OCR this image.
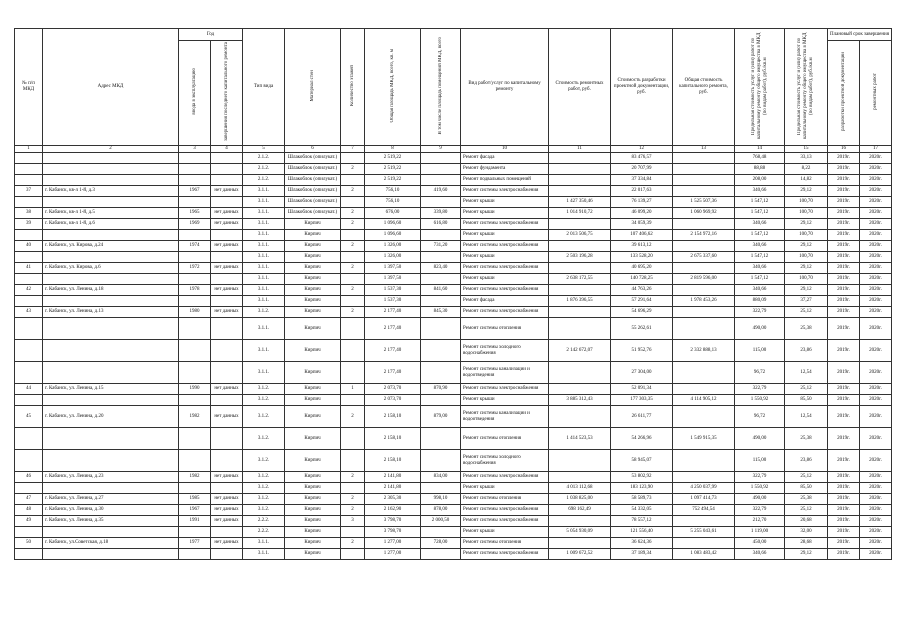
№ п/п МКД	Адрес МКД	Год		Тип вида	Материал стен	Количество этажей	Общая площадь МКД, всего, кв. м	В том числе площадь помещений МКД, всего	Вид работ/услуг по капитальному ремонту	Стоимость ремонтных работ, руб.	Стоимость разработки проектной документации, руб.	Общая стоимость капитального ремонта, руб.	Предельная стоимость услуг и (или) работ по капитальному ремонту общего имущества в МКД (по видам работ), руб./кв.м	Предельная стоимость услуг и (или) работ по капитальному ремонту общего имущества в МКД (по видам работ), руб./кв.м	Плановый срок завершения	
		ввода в эксплуатацию	завершения последнего капитального ремонта												разработки проектной документации	ремонтных работ
1	2	3	4	5	6	7	8	9	10	11	12	13	14	15	16	17
				2.1.2.	Шлакоблок (опилукат.)		2 519,22		Ремонт фасада		83 476,57		768,48	33,13	2019г.	2020г.
				2.1.2.	Шлакоблок (опилукат.)	2	2 519,22		Ремонт фундамента		20 707,99		88,88	8,22	2019г.	2020г.
				2.1.2.	Шлакоблок (опилукат.)		2 519,22		Ремонт подвальных помещений		37 334,84		208,00	14,82	2019г.	2020г.
37	г. Кабанск, кв-л 1-й, д.3	1967	нет данных	3.1.1.	Шлакоблок (опилукат.)	2	756,10	419,60	Ремонт системы электроснабжения		22 017,63		340,66	29,12	2019г.	2020г.
				3.1.1.	Шлакоблок (опилукат.)		756,10		Ремонт крыши	1 427 350,46	76 139,27	1 525 507,36	1 547,12	100,70	2019г.	2020г.
38	г. Кабанск, кв-л 1-й, д.5	1965	нет данных	3.1.1.	Шлакоблок (опилукат.)	2	676,00	339,80	Ремонт крыши	1 014 910,72	46 099,20	1 060 969,92	1 547,12	100,70	2019г.	2020г.
39	г. Кабанск, кв-л 1-й, д.6	1969	нет данных	3.1.1.	Кирпич	2	1 096,60	616,80	Ремонт системы электроснабжения		34 059,39		340,66	29,12	2019г.	2020г.
				3.1.1.	Кирпич		1 096,60		Ремонт крыши	2 013 506,75	107 406,62	2 154 972,16	1 547,12	100,70	2019г.	2020г.
40	г. Кабанск, ул. Кирова, д.24	1974	нет данных	3.1.1.	Кирпич	2	1 326,00	731,20	Ремонт системы электроснабжения		39 613,12		340,66	29,12	2019г.	2020г.
				3.1.1.	Кирпич		1 326,00		Ремонт крыши	2 503 196,28	133 528,20	2 675 337,60	1 547,12	100,70	2019г.	2020г.
41	г. Кабанск, ул. Кирова, д.6	1972	нет данных	3.1.1.	Кирпич	2	1 397,50	823,40	Ремонт системы электроснабжения		40 695,20		340,66	29,12	2019г.	2020г.
				3.1.1.	Кирпич		1 397,50		Ремонт крыши	2 638 172,55	140 728,25	2 819 596,00	1 547,12	100,70	2019г.	2020г.
42	г. Кабанск, ул. Ленина, д.18	1978	нет данных	3.1.1.	Кирпич	2	1 537,30	841,60	Ремонт системы электроснабжения		44 763,26		340,66	29,12	2019г.	2020г.
				3.1.1.	Кирпич		1 537,30		Ремонт фасада	1 876 396,55	57 291,64	1 978 453,26	880,09	37,27	2019г.	2020г.
43	г. Кабанск, ул. Ленина, д.13	1980	нет данных	3.1.2.	Кирпич	2	2 177,40	845,30	Ремонт системы электроснабжения		54 696,29		322,79	25,12	2019г.	2020г.
				3.1.1.	Кирпич		2 177,40		Ремонт системы отопления		55 262,61		490,00	25,38	2019г.	2020г.
				3.1.1.	Кирпич		2 177,40		Ремонт системы холодного водоснабжения	2 142 672,07	51 952,76	2 332 888,13	115,00	23,86	2019г.	2020г.
				3.1.1.	Кирпич		2 177,40		Ремонт системы канализации и водоотведения		27 304,00		96,72	12,54	2019г.	2020г.
44	г. Кабанск, ул. Ленина, д.15	1990	нет данных	3.1.2.	Кирпич	1	2 073,70	870,90	Ремонт системы электроснабжения		52 091,34		322,79	25,12	2019г.	2020г.
				3.1.2.	Кирпич		2 073,70		Ремонт крыши	3 885 312,43	177 303,35	4 114 905,12	1 550,92	85,50	2019г.	2020г.
45	г. Кабанск, ул. Ленина, д.20	1982	нет данных	3.1.2.	Кирпич	2	2 158,10	879,00	Ремонт системы канализации и водоотведения		26 611,77		96,72	12,54	2019г.	2020г.
				3.1.2.	Кирпич		2 158,10		Ремонт системы отопления	1 414 523,53	54 266,96	1 549 915,35	490,00	25,38	2019г.	2020г.
				3.1.2.	Кирпич		2 158,10		Ремонт системы холодного водоснабжения		58 945,07		115,00	23,86	2019г.	2020г.
46	г. Кабанск, ул. Ленина, д.23	1982	нет данных	3.1.2.	Кирпич	2	2 141,80	834,00	Ремонт системы электроснабжения		53 802,92		322,79	25,12	2019г.	2020г.
				3.1.2.	Кирпич		2 141,80		Ремонт крыши	4 013 112,68	183 123,90	4 250 037,99	1 550,92	85,50	2019г.	2020г.
47	г. Кабанск, ул. Ленина, д.27	1985	нет данных	3.1.2.	Кирпич	2	2 305,30	998,10	Ремонт системы отопления	1 038 825,00	58 589,73	1 097 414,73	490,00	25,38	2019г.	2020г.
48	г. Кабанск, ул. Ленина, д.30	1967	нет данных	3.1.2.	Кирпич	2	2 162,90	878,00	Ремонт системы электроснабжения	698 162,49	54 332,05	752 494,54	322,79	25,12	2019г.	2020г.
49	г. Кабанск, ул. Ленина, д.35	1991	нет данных	2.2.2.	Кирпич	3	3 798,70	2 000,50	Ремонт системы электроснабжения		78 557,12		212,70	20,68	2019г.	2020г.
				2.2.2.	Кирпич		3 798,70		Ремонт крыши	5 054 930,09	121 556,40	5 255 043,61	1 119,00	32,00	2019г.	2020г.
50	г. Кабанск, ул.Советская, д.18	1977	нет данных	3.1.1.	Кирпич	2	1 277,00	728,00	Ремонт системы отопления		36 624,36		450,00	28,68	2019г.	2020г.
				3.1.1.	Кирпич		1 277,00		Ремонт системы электроснабжения	1 009 672,52	37 189,34	1 083 483,42	340,66	29,12	2019г.	2020г.
